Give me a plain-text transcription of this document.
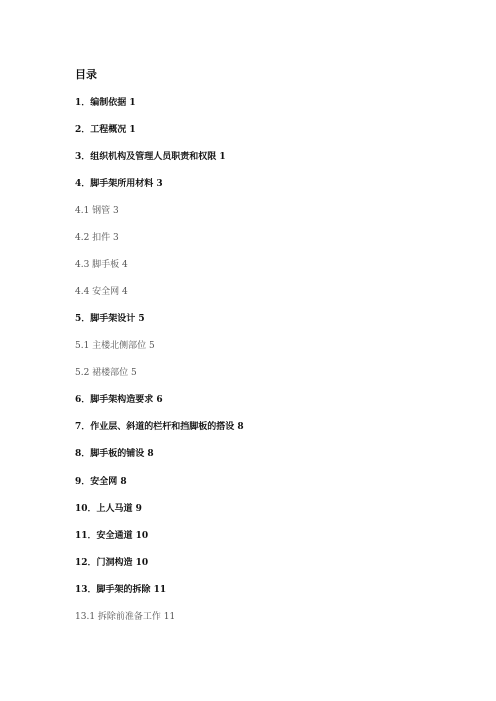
目录
1．编制依据 1
2．工程概况 1
3．组织机构及管理人员职责和权限 1
4．脚手架所用材料 3
4.1 钢管 3
4.2 扣件 3
4.3 脚手板 4
4.4 安全网 4
5．脚手架设计 5
5.1 主楼北侧部位 5
5.2 裙楼部位 5
6．脚手架构造要求 6
7．作业层、斜道的栏杆和挡脚板的搭设 8
8．脚手板的铺设 8
9．安全网 8
10．上人马道 9
11．安全通道 10
12．门洞构造 10
13．脚手架的拆除 11
13.1 拆除前准备工作 11
